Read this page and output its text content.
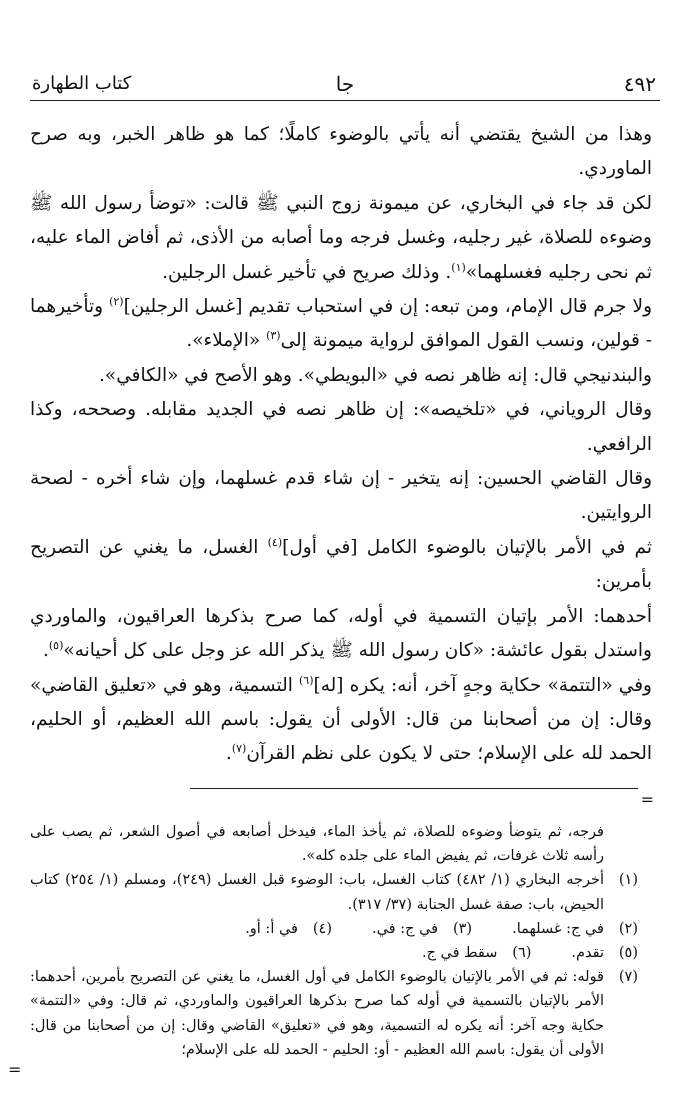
٤٩٢
جا
كتاب الطهارة

وهذا من الشيخ يقتضي أنه يأتي بالوضوء كاملًا؛ كما هو ظاهر الخبر، وبه صرح الماوردي.

لكن قد جاء في البخاري، عن ميمونة زوج النبي ﷺ قالت: «توضأ رسول الله ﷺ وضوءه للصلاة، غير رجليه، وغسل فرجه وما أصابه من الأذى، ثم أفاض الماء عليه، ثم نحى رجليه فغسلهما»$^{(١)}$. وذلك صريح في تأخير غسل الرجلين.

ولا جرم قال الإمام، ومن تبعه: إن في استحباب تقديم [غسل الرجلين]$^{(٢)}$ وتأخيرهما - قولين، ونسب القول الموافق لرواية ميمونة إلى$^{(٣)}$ «الإملاء».

والبندنيجي قال: إنه ظاهر نصه في «البويطي». وهو الأصح في «الكافي».

وقال الروياني، في «تلخيصه»: إن ظاهر نصه في الجديد مقابله. وصححه، وكذا الرافعي.

وقال القاضي الحسين: إنه يتخير - إن شاء قدم غسلهما، وإن شاء أخره - لصحة الروايتين.

ثم في الأمر بالإتيان بالوضوء الكامل [في أول]$^{(٤)}$ الغسل، ما يغني عن التصريح بأمرين:

أحدهما: الأمر بإتيان التسمية في أوله، كما صرح بذكرها العراقيون، والماوردي واستدل بقول عائشة: «كان رسول الله ﷺ يذكر الله عز وجل على كل أحيانه»$^{(٥)}$.

وفي «التتمة» حكاية وجهٍ آخر، أنه: يكره [له]$^{(٦)}$ التسمية، وهو في «تعليق القاضي» وقال: إن من أصحابنا من قال: الأولى أن يقول: باسم الله العظيم، أو الحليم، الحمد لله على الإسلام؛ حتى لا يكون على نظم القرآن$^{(٧)}$.

=
فرجه، ثم يتوضأ وضوءه للصلاة، ثم يأخذ الماء، فيدخل أصابعه في أصول الشعر، ثم يصب على رأسه ثلاث غرفات، ثم يفيض الماء على جلده كله».
(١)
أخرجه البخاري (١/ ٤٨٢) كتاب الغسل، باب: الوضوء قبل الغسل (٢٤٩)، ومسلم (١/ ٢٥٤) كتاب الحيض، باب: صفة غسل الجنابة (٣٧/ ٣١٧).
(٢)
في ج: غسلهما.
(٣)
في ج: في.
(٤)
في أ: أو.
(٥)
تقدم.
(٦)
سقط في ج.
(٧)
قوله: ثم في الأمر بالإتيان بالوضوء الكامل في أول الغسل، ما يغني عن التصريح بأمرين، أحدهما: الأمر بالإتيان بالتسمية في أوله كما صرح بذكرها العراقيون والماوردي، ثم قال: وفي «التتمة» حكاية وجه آخر: أنه يكره له التسمية، وهو في «تعليق» القاضي وقال: إن من أصحابنا من قال: الأولى أن يقول: باسم الله العظيم - أو: الحليم - الحمد لله على الإسلام؛
=
